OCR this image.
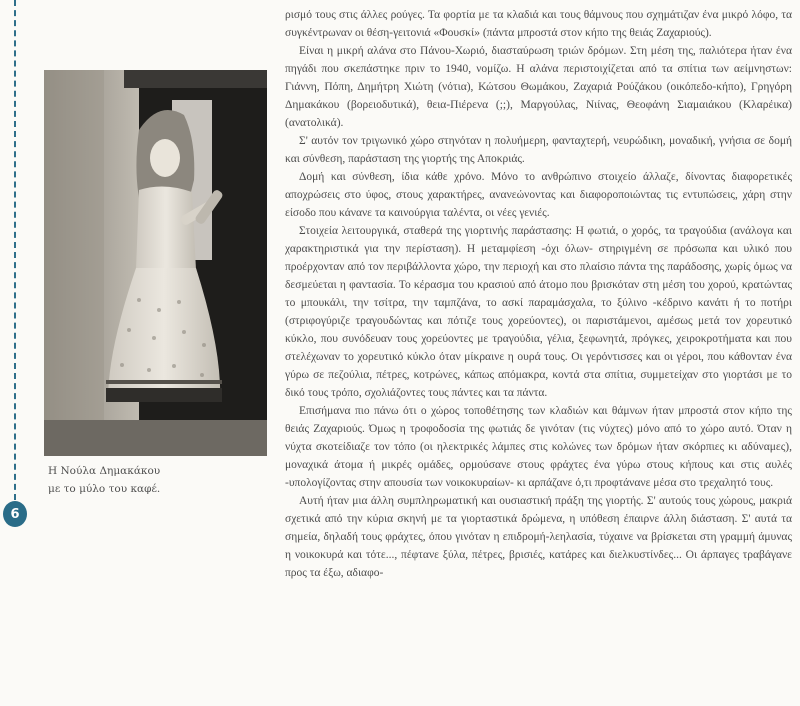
6
Η Νούλα Δημακάκου
με το μύλο του καφέ.

ρισμό τους στις άλλες ρούγες. Τα φορτία με τα κλαδιά και τους θάμνους που σχημάτιζαν ένα μικρό λόφο, τα συγκέντρωναν οι θέση-γειτονιά «Φουσκί» (πάντα μπροστά στον κήπο της θειάς Ζαχαριούς).

Είναι η μικρή αλάνα στο Πάνου-Χωριό, διασταύρωση τριών δρόμων. Στη μέση της, παλιότερα ήταν ένα πηγάδι που σκεπάστηκε πριν το 1940, νομίζω. Η αλάνα περιστοιχίζεται από τα σπίτια των αείμνηστων: Γιάννη, Πόπη, Δημήτρη Χιώτη (νότια), Κώτσου Θωμάκου, Ζαχαριά Ρούζάκου (οικόπεδο-κήπο), Γρηγόρη Δημακάκου (βορειοδυτικά), θεια-Πιέρενα (;;), Μαργούλας, Νιίνας, Θεοφάνη Σιαμαιάκου (Κλαρέικα) (ανατολικά).

Σ' αυτόν τον τριγωνικό χώρο στηνόταν η πολυήμερη, φανταχτερή, νευρώδικη, μοναδική, γνήσια σε δομή και σύνθεση, παράσταση της γιορτής της Αποκριάς.

Δομή και σύνθεση, ίδια κάθε χρόνο. Μόνο το ανθρώπινο στοιχείο άλλαζε, δίνοντας διαφορετικές αποχρώσεις στο ύφος, στους χαρακτήρες, ανανεώνοντας και διαφοροποιώντας τις εντυπώσεις, χάρη στην είσοδο που κάνανε τα καινούργια ταλέντα, οι νέες γενιές.

Στοιχεία λειτουργικά, σταθερά της γιορτινής παράστασης: Η φωτιά, ο χορός, τα τραγούδια (ανάλογα και χαρακτηριστικά για την περίσταση). Η μεταμφίεση -όχι όλων- στηριγμένη σε πρόσωπα και υλικό που προέρχονταν από τον περιβάλλοντα χώρο, την περιοχή και στο πλαίσιο πάντα της παράδοσης, χωρίς όμως να δεσμεύεται η φαντασία. Το κέρασμα του κρασιού από άτομο που βρισκόταν στη μέση του χορού, κρατώντας το μπουκάλι, την τσίτρα, την ταμπζάνα, το ασκί παραμάσχαλα, το ξύλινο -κέδρινο κανάτι ή το ποτήρι (στριφογύριζε τραγουδώντας και πότιζε τους χορεύοντες), οι παριστάμενοι, αμέσως μετά τον χορευτικό κύκλο, που συνόδευαν τους χορεύοντες με τραγούδια, γέλια, ξεφωνητά, πρόγκες, χειροκροτήματα και που στελέχωναν το χορευτικό κύκλο όταν μίκραινε η ουρά τους. Οι γερόντισσες και οι γέροι, που κάθονταν ένα γύρω σε πεζούλια, πέτρες, κοτρώνες, κάπως απόμακρα, κοντά στα σπίτια, συμμετείχαν στο γιορτάσι με το δικό τους τρόπο, σχολιάζοντες τους πάντες και τα πάντα.

Επισήμανα πιο πάνω ότι ο χώρος τοποθέτησης των κλαδιών και θάμνων ήταν μπροστά στον κήπο της θειάς Ζαχαριούς. Όμως η τροφοδοσία της φωτιάς δε γινόταν (τις νύχτες) μόνο από το χώρο αυτό. Όταν η νύχτα σκοτείδιαζε τον τόπο (οι ηλεκτρικές λάμπες στις κολώνες των δρόμων ήταν σκόρπιες κι αδύναμες), μοναχικά άτομα ή μικρές ομάδες, ορμούσανε στους φράχτες ένα γύρω στους κήπους και στις αυλές -υπολογίζοντας στην απουσία των νοικοκυραίων- κι αρπάζανε ό,τι προφτάνανε μέσα στο τρεχαλητό τους.

Αυτή ήταν μια άλλη συμπληρωματική και ουσιαστική πράξη της γιορτής. Σ' αυτούς τους χώρους, μακριά σχετικά από την κύρια σκηνή με τα γιορταστικά δρώμενα, η υπόθεση έπαιρνε άλλη διάσταση. Σ' αυτά τα σημεία, δηλαδή τους φράχτες, όπου γινόταν η επιδρομή-λεηλασία, τύχαινε να βρίσκεται στη γραμμή άμυνας η νοικοκυρά και τότε..., πέφτανε ξύλα, πέτρες, βρισιές, κατάρες και διελκυστίνδες... Οι άρπαγες τραβάγανε προς τα έξω, αδιαφο-
